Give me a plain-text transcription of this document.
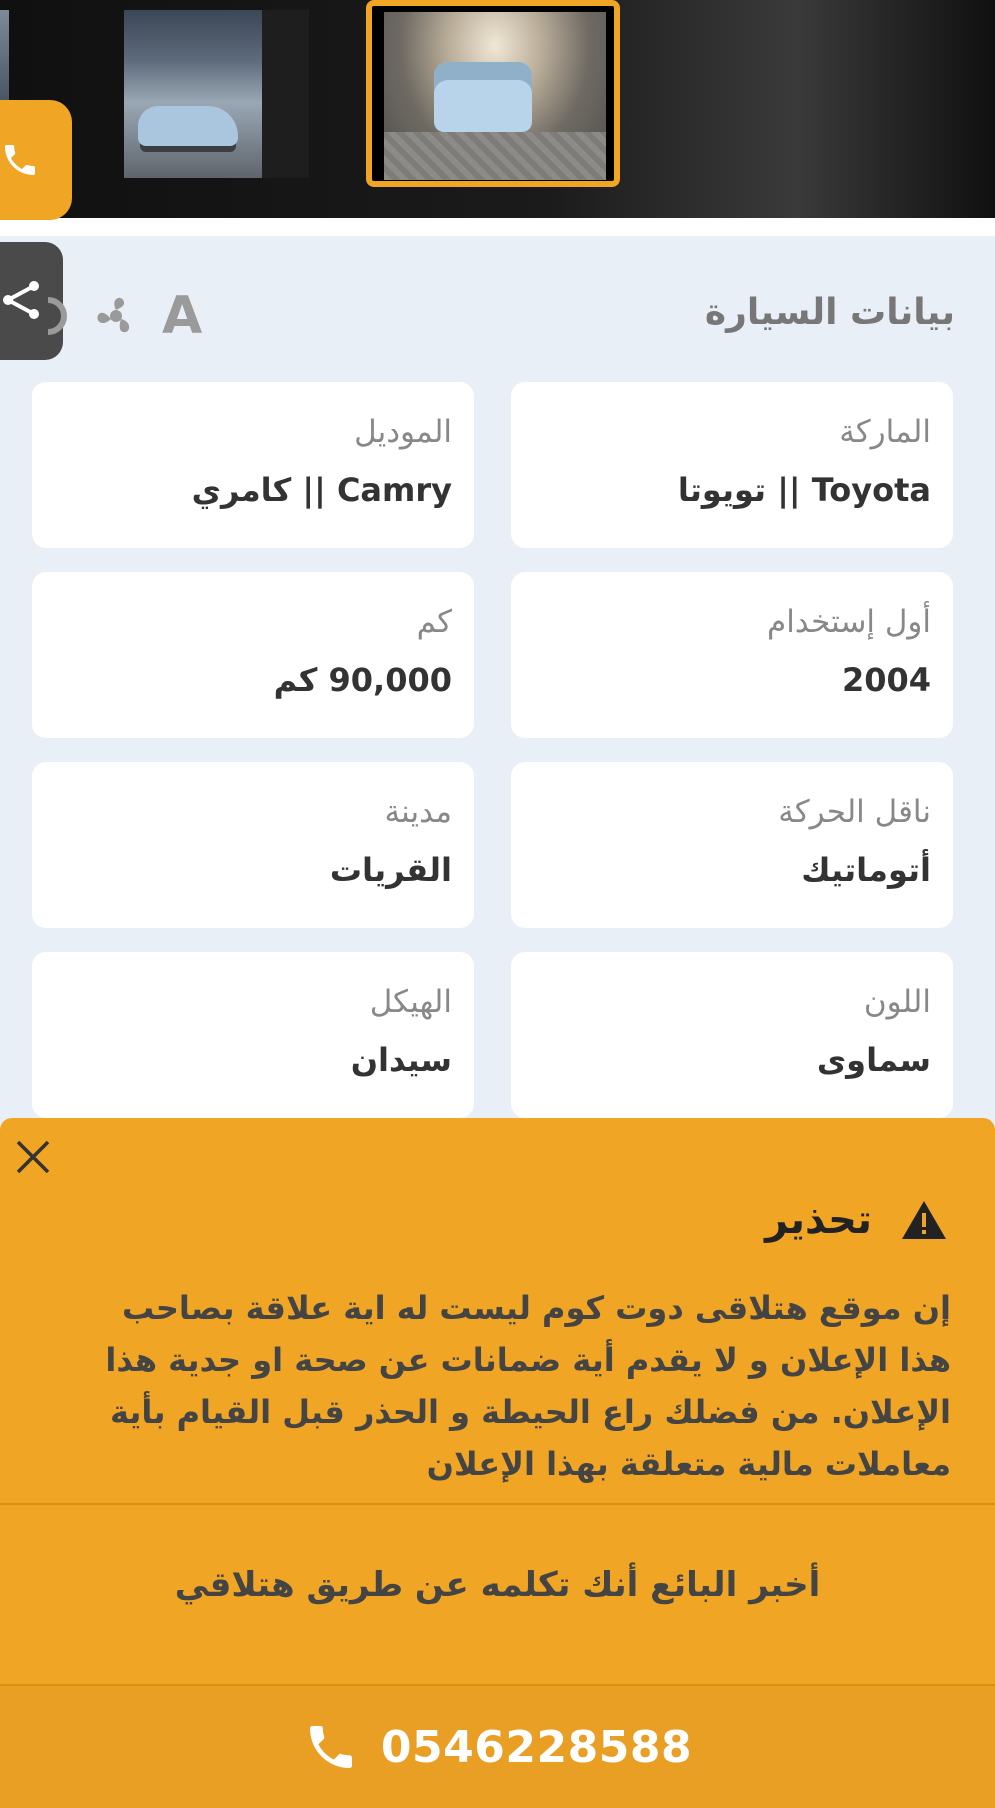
بيانات السيارة
A
الماركة
Toyota || تويوتا
الموديل
Camry || كامري
أول إستخدام
2004
كم
90,000 كم
ناقل الحركة
أتوماتيك
مدينة
القريات
اللون
سماوى
الهيكل
سيدان
تحذير
إن موقع هتلاقى دوت كوم ليست له اية علاقة بصاحب هذا الإعلان و لا يقدم أية ضمانات عن صحة او جدية هذا الإعلان. من فضلك راع الحيطة و الحذر قبل القيام بأية معاملات مالية متعلقة بهذا الإعلان
أخبر البائع أنك تكلمه عن طريق هتلاقي
0546228588
